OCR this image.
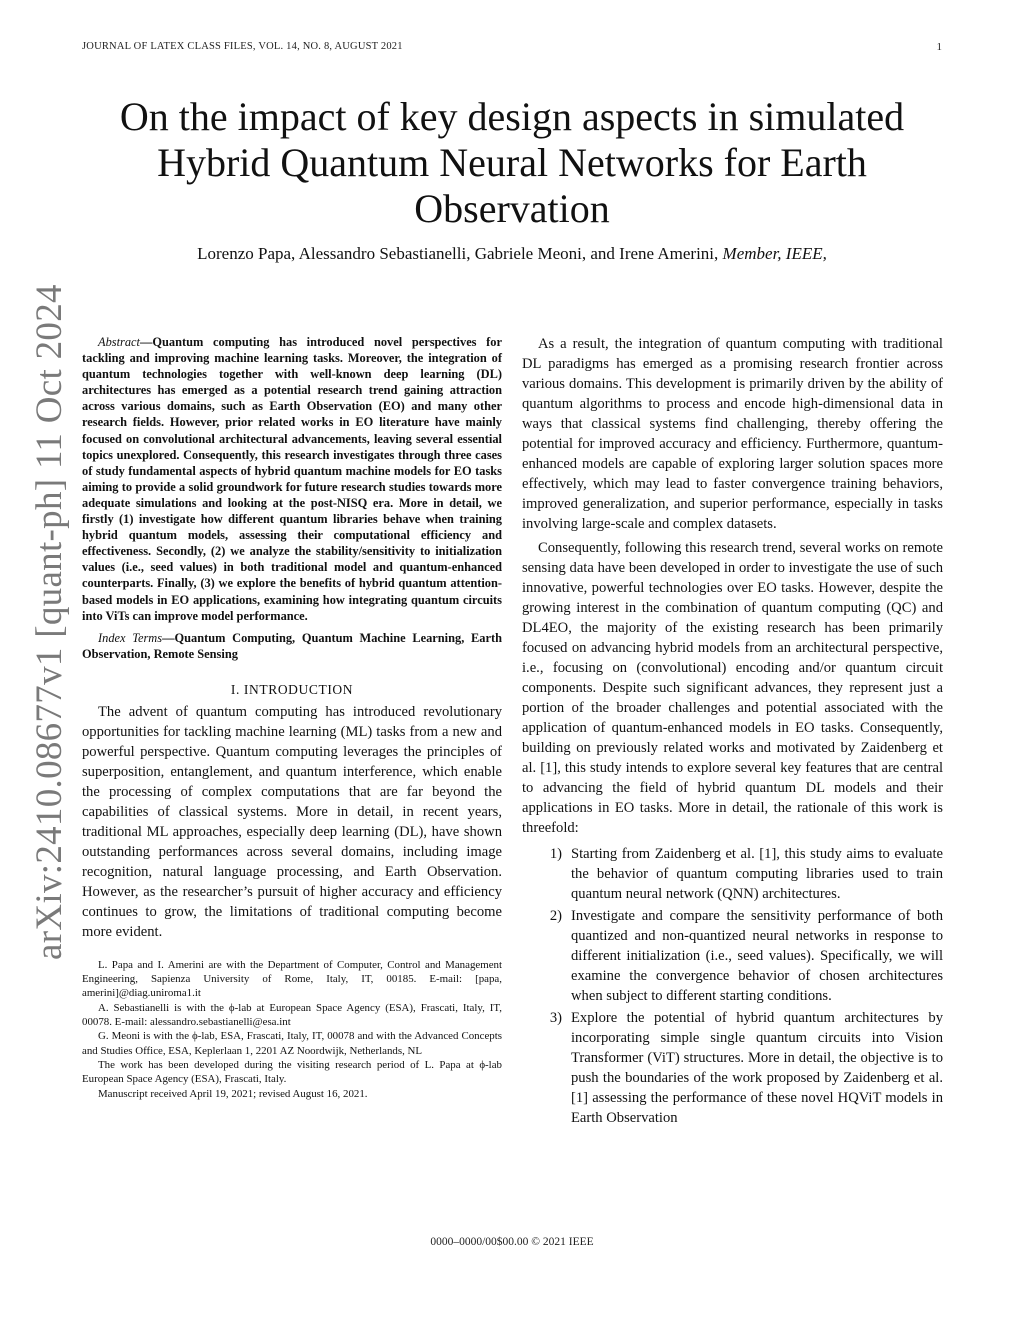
JOURNAL OF LATEX CLASS FILES, VOL. 14, NO. 8, AUGUST 2021	1
On the impact of key design aspects in simulated
Hybrid Quantum Neural Networks for Earth
Observation
Lorenzo Papa, Alessandro Sebastianelli, Gabriele Meoni, and Irene Amerini, Member, IEEE,
arXiv:2410.08677v1 [quant-ph] 11 Oct 2024	Abstract—Quantum computing has introduced novel perspectives for tackling and improving machine learning tasks. Moreover, the integration of quantum technologies together with well-known deep learning (DL) architectures has emerged as a potential research trend gaining attraction across various domains, such as Earth Observation (EO) and many other research fields. However, prior related works in EO literature have mainly focused on convolutional architectural advancements, leaving several essential topics unexplored. Consequently, this research investigates through three cases of study fundamental aspects of hybrid quantum machine models for EO tasks aiming to provide a solid groundwork for future research studies towards more adequate simulations and looking at the post-NISQ era. More in detail, we firstly (1) investigate how different quantum libraries behave when training hybrid quantum models, assessing their computational efficiency and effectiveness. Secondly, (2) we analyze the stability/sensitivity to initialization values (i.e., seed values) in both traditional model and quantum-enhanced counterparts. Finally, (3) we explore the benefits of hybrid quantum attention-based models in EO applications, examining how integrating quantum circuits into ViTs can improve model performance.

Index Terms—Quantum Computing, Quantum Machine Learning, Earth Observation, Remote Sensing

I. INTRODUCTION

The advent of quantum computing has introduced revolutionary opportunities for tackling machine learning (ML) tasks from a new and powerful perspective. Quantum computing leverages the principles of superposition, entanglement, and quantum interference, which enable the processing of complex computations that are far beyond the capabilities of classical systems. More in detail, in recent years, traditional ML approaches, especially deep learning (DL), have shown outstanding performances across several domains, including image recognition, natural language processing, and Earth Observation. However, as the researcher’s pursuit of higher accuracy and efficiency continues to grow, the limitations of traditional computing become more evident.

L. Papa and I. Amerini are with the Department of Computer, Control and Management Engineering, Sapienza University of Rome, Italy, IT, 00185. E-mail: [papa, amerini]@diag.uniroma1.it

A. Sebastianelli is with the ϕ-lab at European Space Agency (ESA), Frascati, Italy, IT, 00078. E-mail: alessandro.sebastianelli@esa.int

G. Meoni is with the ϕ-lab, ESA, Frascati, Italy, IT, 00078 and with the Advanced Concepts and Studies Office, ESA, Keplerlaan 1, 2201 AZ Noordwijk, Netherlands, NL

The work has been developed during the visiting research period of L. Papa at ϕ-lab European Space Agency (ESA), Frascati, Italy.

Manuscript received April 19, 2021; revised August 16, 2021.

As a result, the integration of quantum computing with traditional DL paradigms has emerged as a promising research frontier across various domains. This development is primarily driven by the ability of quantum algorithms to process and encode high-dimensional data in ways that classical systems find challenging, thereby offering the potential for improved accuracy and efficiency. Furthermore, quantum-enhanced models are capable of exploring larger solution spaces more effectively, which may lead to faster convergence training behaviors, improved generalization, and superior performance, especially in tasks involving large-scale and complex datasets.

Consequently, following this research trend, several works on remote sensing data have been developed in order to investigate the use of such innovative, powerful technologies over EO tasks. However, despite the growing interest in the combination of quantum computing (QC) and DL4EO, the majority of the existing research has been primarily focused on advancing hybrid models from an architectural perspective, i.e., focusing on (convolutional) encoding and/or quantum circuit components. Despite such significant advances, they represent just a portion of the broader challenges and potential associated with the application of quantum-enhanced models in EO tasks. Consequently, building on previously related works and motivated by Zaidenberg et al. [1], this study intends to explore several key features that are central to advancing the field of hybrid quantum DL models and their applications in EO tasks. More in detail, the rationale of this work is threefold:

1) Starting from Zaidenberg et al. [1], this study aims to evaluate the behavior of quantum computing libraries used to train quantum neural network (QNN) architectures.
2) Investigate and compare the sensitivity performance of both quantized and non-quantized neural networks in response to different initialization (i.e., seed values). Specifically, we will examine the convergence behavior of chosen architectures when subject to different starting conditions.
3) Explore the potential of hybrid quantum architectures by incorporating simple single quantum circuits into Vision Transformer (ViT) structures. More in detail, the objective is to push the boundaries of the work proposed by Zaidenberg et al. [1] assessing the performance of these novel HQViT models in Earth Observation
0000–0000/00$00.00 © 2021 IEEE
